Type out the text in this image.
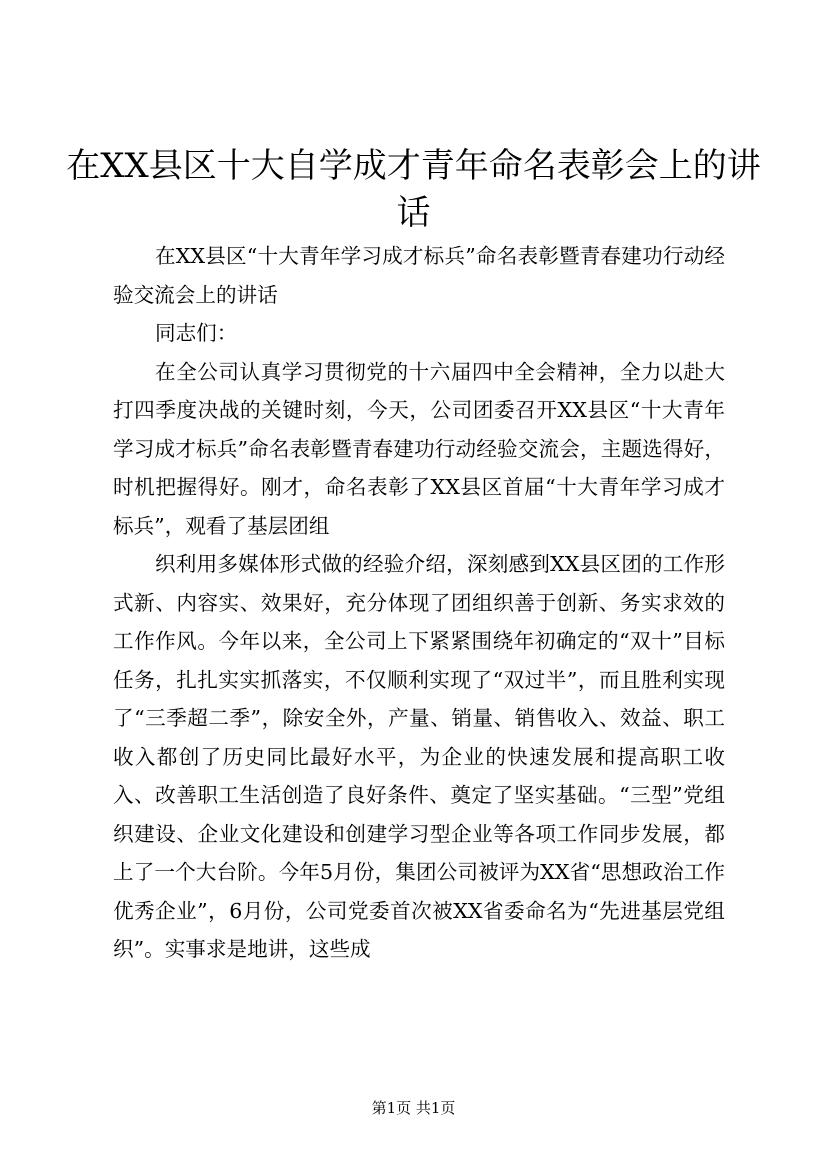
在XX县区十大自学成才青年命名表彰会上的讲话

在XX县区“十大青年学习成才标兵”命名表彰暨青春建功行动经验交流会上的讲话

同志们：

在全公司认真学习贯彻党的十六届四中全会精神，全力以赴大打四季度决战的关键时刻，今天，公司团委召开XX县区“十大青年学习成才标兵”命名表彰暨青春建功行动经验交流会，主题选得好，时机把握得好。刚才，命名表彰了XX县区首届“十大青年学习成才标兵”，观看了基层团组

织利用多媒体形式做的经验介绍，深刻感到XX县区团的工作形式新、内容实、效果好，充分体现了团组织善于创新、务实求效的工作作风。今年以来，全公司上下紧紧围绕年初确定的“双十”目标任务，扎扎实实抓落实，不仅顺利实现了“双过半”，而且胜利实现了“三季超二季”，除安全外，产量、销量、销售收入、效益、职工收入都创了历史同比最好水平，为企业的快速发展和提高职工收入、改善职工生活创造了良好条件、奠定了坚实基础。“三型”党组织建设、企业文化建设和创建学习型企业等各项工作同步发展，都上了一个大台阶。今年5月份，集团公司被评为XX省“思想政治工作优秀企业”，6月份，公司党委首次被XX省委命名为“先进基层党组织”。实事求是地讲，这些成

第1页 共1页
